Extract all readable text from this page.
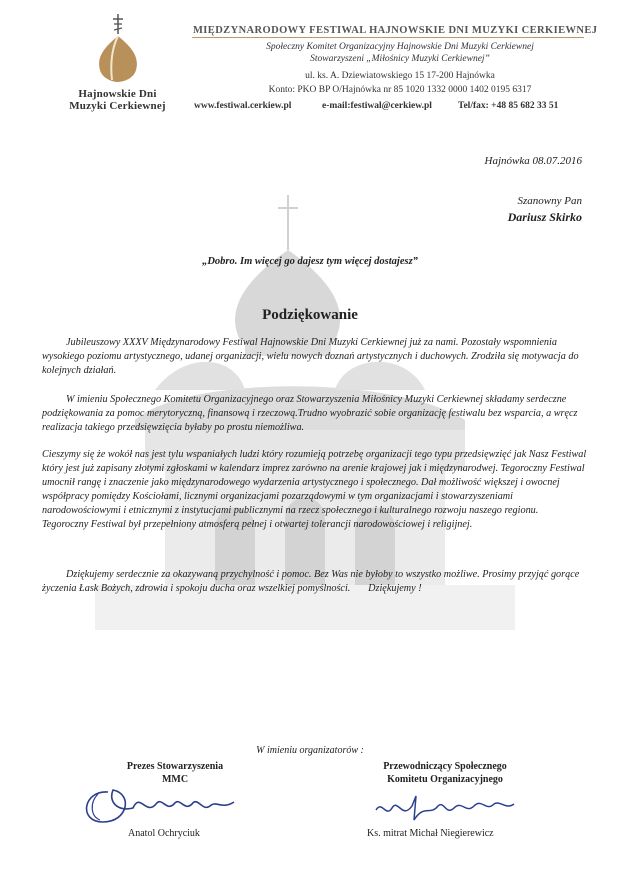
Hajnowskie Dni
Muzyki Cerkiewnej
MIĘDZYNARODOWY FESTIWAL HAJNOWSKIE DNI MUZYKI CERKIEWNEJ
Społeczny Komitet Organizacyjny Hajnowskie Dni Muzyki Cerkiewnej
Stowarzyszeni „Miłośnicy Muzyki Cerkiewnej”
ul. ks. A. Dziewiatowskiego 15 17-200 Hajnówka
Konto: PKO BP O/Hajnówka nr 85 1020 1332 0000 1402 0195 6317
www.festiwal.cerkiew.pl	e-mail:festiwal@cerkiew.pl	Tel/fax: +48 85 682 33 51
Hajnówka 08.07.2016
Szanowny Pan
Dariusz Skirko
„Dobro. Im więcej go dajesz tym więcej dostajesz”
Podziękowanie
Jubileuszowy XXXV Międzynarodowy Festiwal Hajnowskie Dni Muzyki Cerkiewnej już za nami. Pozostały wspomnienia wysokiego poziomu artystycznego, udanej organizacji, wielu nowych doznań artystycznych i duchowych. Zrodziła się motywacja do kolejnych działań.
W imieniu Społecznego Komitetu Organizacyjnego oraz Stowarzyszenia Miłośnicy Muzyki Cerkiewnej składamy serdeczne podziękowania za pomoc merytoryczną, finansową i rzeczową.Trudno wyobrazić sobie organizację festiwalu bez wsparcia, a wręcz realizacja takiego przedsięwzięcia byłaby po prostu niemożliwa.
Cieszymy się że wokół nas jest tylu wspaniałych ludzi który rozumieją potrzebę organizacji tego typu przedsięwzięć jak Nasz Festiwal który jest już zapisany złotymi zgłoskami w kalendarz imprez zarówno na arenie krajowej jak i międzynarodwej. Tegoroczny Festiwal umocnił rangę i znaczenie jako międzynarodowego wydarzenia artystycznego i społecznego. Dał możliwość większej i owocnej współpracy pomiędzy Kościołami, licznymi organizacjami pozarządowymi w tym organizacjami i stowarzyszeniami narodowościowymi i etnicznymi z instytucjami publicznymi na rzecz społecznego i kulturalnego rozwoju naszego regionu. Tegoroczny Festiwal był przepełniony atmosferą pełnej i otwartej tolerancji narodowościowej i religijnej.
Dziękujemy serdecznie za okazywaną przychylność i pomoc. Bez Was nie byłoby to wszystko możliwe. Prosimy przyjąć gorące życzenia Łask Bożych, zdrowia i spokoju ducha oraz wszelkiej pomyślności.       Dziękujemy !
W imieniu organizatorów :
Prezes Stowarzyszenia
MMC
Przewodniczący Społecznego
Komitetu Organizacyjnego
Anatol Ochryciuk	Ks. mitrat Michał Niegierewicz
